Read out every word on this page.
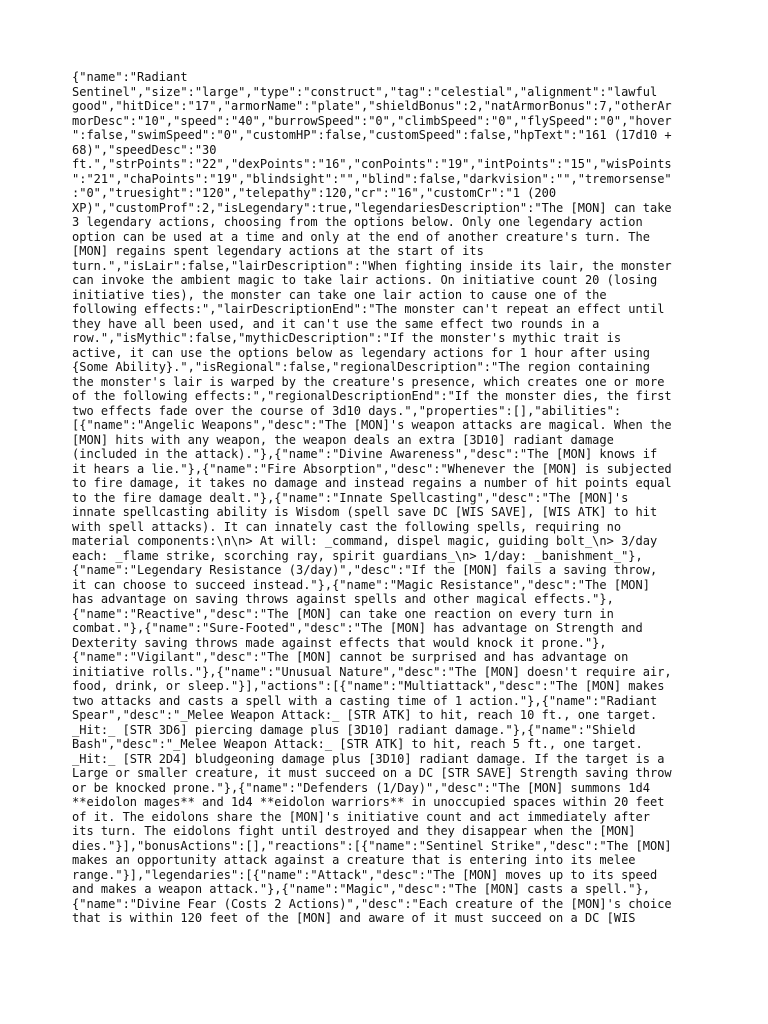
{"name":"Radiant
Sentinel","size":"large","type":"construct","tag":"celestial","alignment":"lawful
good","hitDice":"17","armorName":"plate","shieldBonus":2,"natArmorBonus":7,"otherAr
morDesc":"10","speed":"40","burrowSpeed":"0","climbSpeed":"0","flySpeed":"0","hover
":false,"swimSpeed":"0","customHP":false,"customSpeed":false,"hpText":"161 (17d10 +
68)","speedDesc":"30
ft.","strPoints":"22","dexPoints":"16","conPoints":"19","intPoints":"15","wisPoints
":"21","chaPoints":"19","blindsight":"","blind":false,"darkvision":"","tremorsense"
:"0","truesight":"120","telepathy":120,"cr":"16","customCr":"1 (200
XP)","customProf":2,"isLegendary":true,"legendariesDescription":"The [MON] can take
3 legendary actions, choosing from the options below. Only one legendary action
option can be used at a time and only at the end of another creature's turn. The
[MON] regains spent legendary actions at the start of its
turn.","isLair":false,"lairDescription":"When fighting inside its lair, the monster
can invoke the ambient magic to take lair actions. On initiative count 20 (losing
initiative ties), the monster can take one lair action to cause one of the
following effects:","lairDescriptionEnd":"The monster can't repeat an effect until
they have all been used, and it can't use the same effect two rounds in a
row.","isMythic":false,"mythicDescription":"If the monster's mythic trait is
active, it can use the options below as legendary actions for 1 hour after using
{Some Ability}.","isRegional":false,"regionalDescription":"The region containing
the monster's lair is warped by the creature's presence, which creates one or more
of the following effects:","regionalDescriptionEnd":"If the monster dies, the first
two effects fade over the course of 3d10 days.","properties":[],"abilities":
[{"name":"Angelic Weapons","desc":"The [MON]'s weapon attacks are magical. When the
[MON] hits with any weapon, the weapon deals an extra [3D10] radiant damage
(included in the attack)."},{"name":"Divine Awareness","desc":"The [MON] knows if
it hears a lie."},{"name":"Fire Absorption","desc":"Whenever the [MON] is subjected
to fire damage, it takes no damage and instead regains a number of hit points equal
to the fire damage dealt."},{"name":"Innate Spellcasting","desc":"The [MON]'s
innate spellcasting ability is Wisdom (spell save DC [WIS SAVE], [WIS ATK] to hit
with spell attacks). It can innately cast the following spells, requiring no
material components:\n\n> At will: _command, dispel magic, guiding bolt_\n> 3/day
each: _flame strike, scorching ray, spirit guardians_\n> 1/day: _banishment_"},
{"name":"Legendary Resistance (3/day)","desc":"If the [MON] fails a saving throw,
it can choose to succeed instead."},{"name":"Magic Resistance","desc":"The [MON]
has advantage on saving throws against spells and other magical effects."},
{"name":"Reactive","desc":"The [MON] can take one reaction on every turn in
combat."},{"name":"Sure-Footed","desc":"The [MON] has advantage on Strength and
Dexterity saving throws made against effects that would knock it prone."},
{"name":"Vigilant","desc":"The [MON] cannot be surprised and has advantage on
initiative rolls."},{"name":"Unusual Nature","desc":"The [MON] doesn't require air,
food, drink, or sleep."}],"actions":[{"name":"Multiattack","desc":"The [MON] makes
two attacks and casts a spell with a casting time of 1 action."},{"name":"Radiant
Spear","desc":"_Melee Weapon Attack:_ [STR ATK] to hit, reach 10 ft., one target.
_Hit:_ [STR 3D6] piercing damage plus [3D10] radiant damage."},{"name":"Shield
Bash","desc":"_Melee Weapon Attack:_ [STR ATK] to hit, reach 5 ft., one target.
_Hit:_ [STR 2D4] bludgeoning damage plus [3D10] radiant damage. If the target is a
Large or smaller creature, it must succeed on a DC [STR SAVE] Strength saving throw
or be knocked prone."},{"name":"Defenders (1/Day)","desc":"The [MON] summons 1d4
**eidolon mages** and 1d4 **eidolon warriors** in unoccupied spaces within 20 feet
of it. The eidolons share the [MON]'s initiative count and act immediately after
its turn. The eidolons fight until destroyed and they disappear when the [MON]
dies."}],"bonusActions":[],"reactions":[{"name":"Sentinel Strike","desc":"The [MON]
makes an opportunity attack against a creature that is entering into its melee
range."}],"legendaries":[{"name":"Attack","desc":"The [MON] moves up to its speed
and makes a weapon attack."},{"name":"Magic","desc":"The [MON] casts a spell."},
{"name":"Divine Fear (Costs 2 Actions)","desc":"Each creature of the [MON]'s choice
that is within 120 feet of the [MON] and aware of it must succeed on a DC [WIS
